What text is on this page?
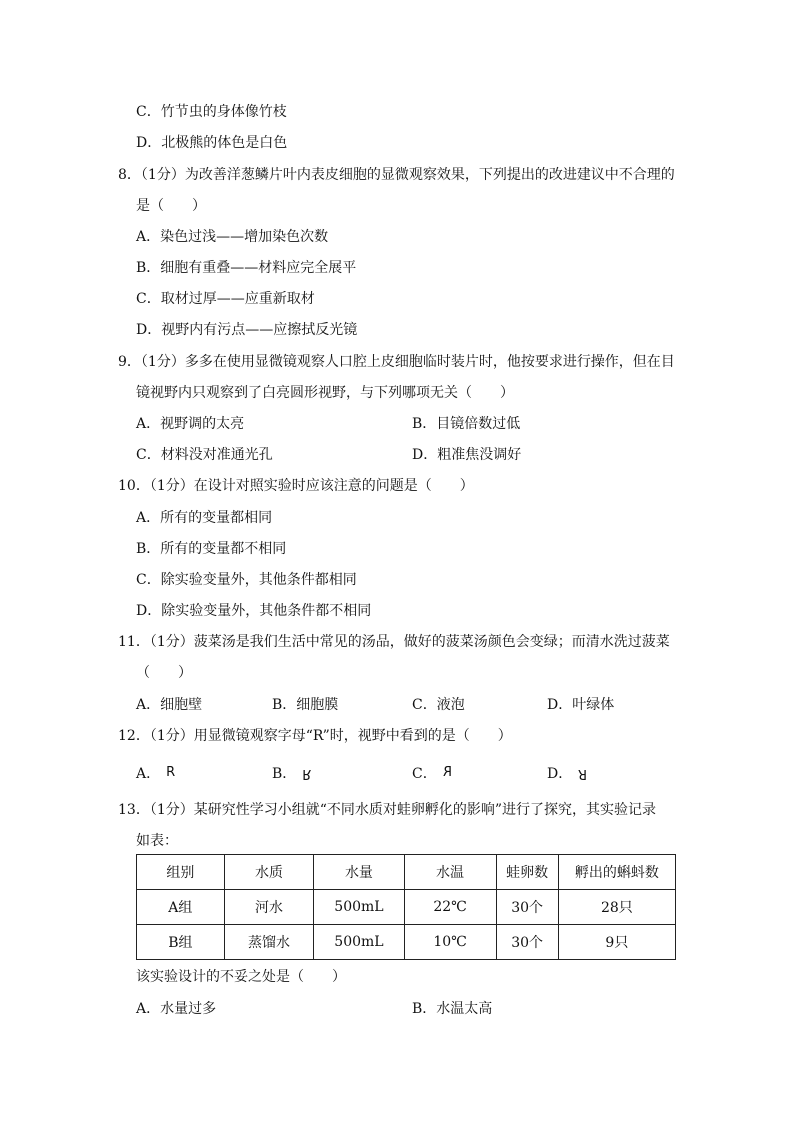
C．竹节虫的身体像竹枝
D．北极熊的体色是白色
8．（1分）为改善洋葱鳞片叶内表皮细胞的显微观察效果，下列提出的改进建议中不合理的
是（　　）
A．染色过浅——增加染色次数
B．细胞有重叠——材料应完全展平
C．取材过厚——应重新取材
D．视野内有污点——应擦拭反光镜
9．（1分）多多在使用显微镜观察人口腔上皮细胞临时装片时，他按要求进行操作，但在目
镜视野内只观察到了白亮圆形视野，与下列哪项无关（　　）
A．视野调的太亮	B．目镜倍数过低
C．材料没对准通光孔	D．粗准焦没调好
10．（1分）在设计对照实验时应该注意的问题是（　　）
A．所有的变量都相同
B．所有的变量都不相同
C．除实验变量外，其他条件都相同
D．除实验变量外，其他条件都不相同
11．（1分）菠菜汤是我们生活中常见的汤品，做好的菠菜汤颜色会变绿；而清水洗过菠菜
（　　）
A．细胞壁	B．细胞膜	C．液泡	D．叶绿体
12．（1分）用显微镜观察字母“R”时，视野中看到的是（　　）
A． R	B． R	C． R	D． R
13．（1分）某研究性学习小组就“不同水质对蛙卵孵化的影响”进行了探究，其实验记录
如表：
组别	水质	水量	水温	蛙卵数	孵出的蝌蚪数
A组	河水	500mL	22℃	30个	28只
B组	蒸馏水	500mL	10℃	30个	9只
该实验设计的不妥之处是（　　）
A．水量过多	B．水温太高
